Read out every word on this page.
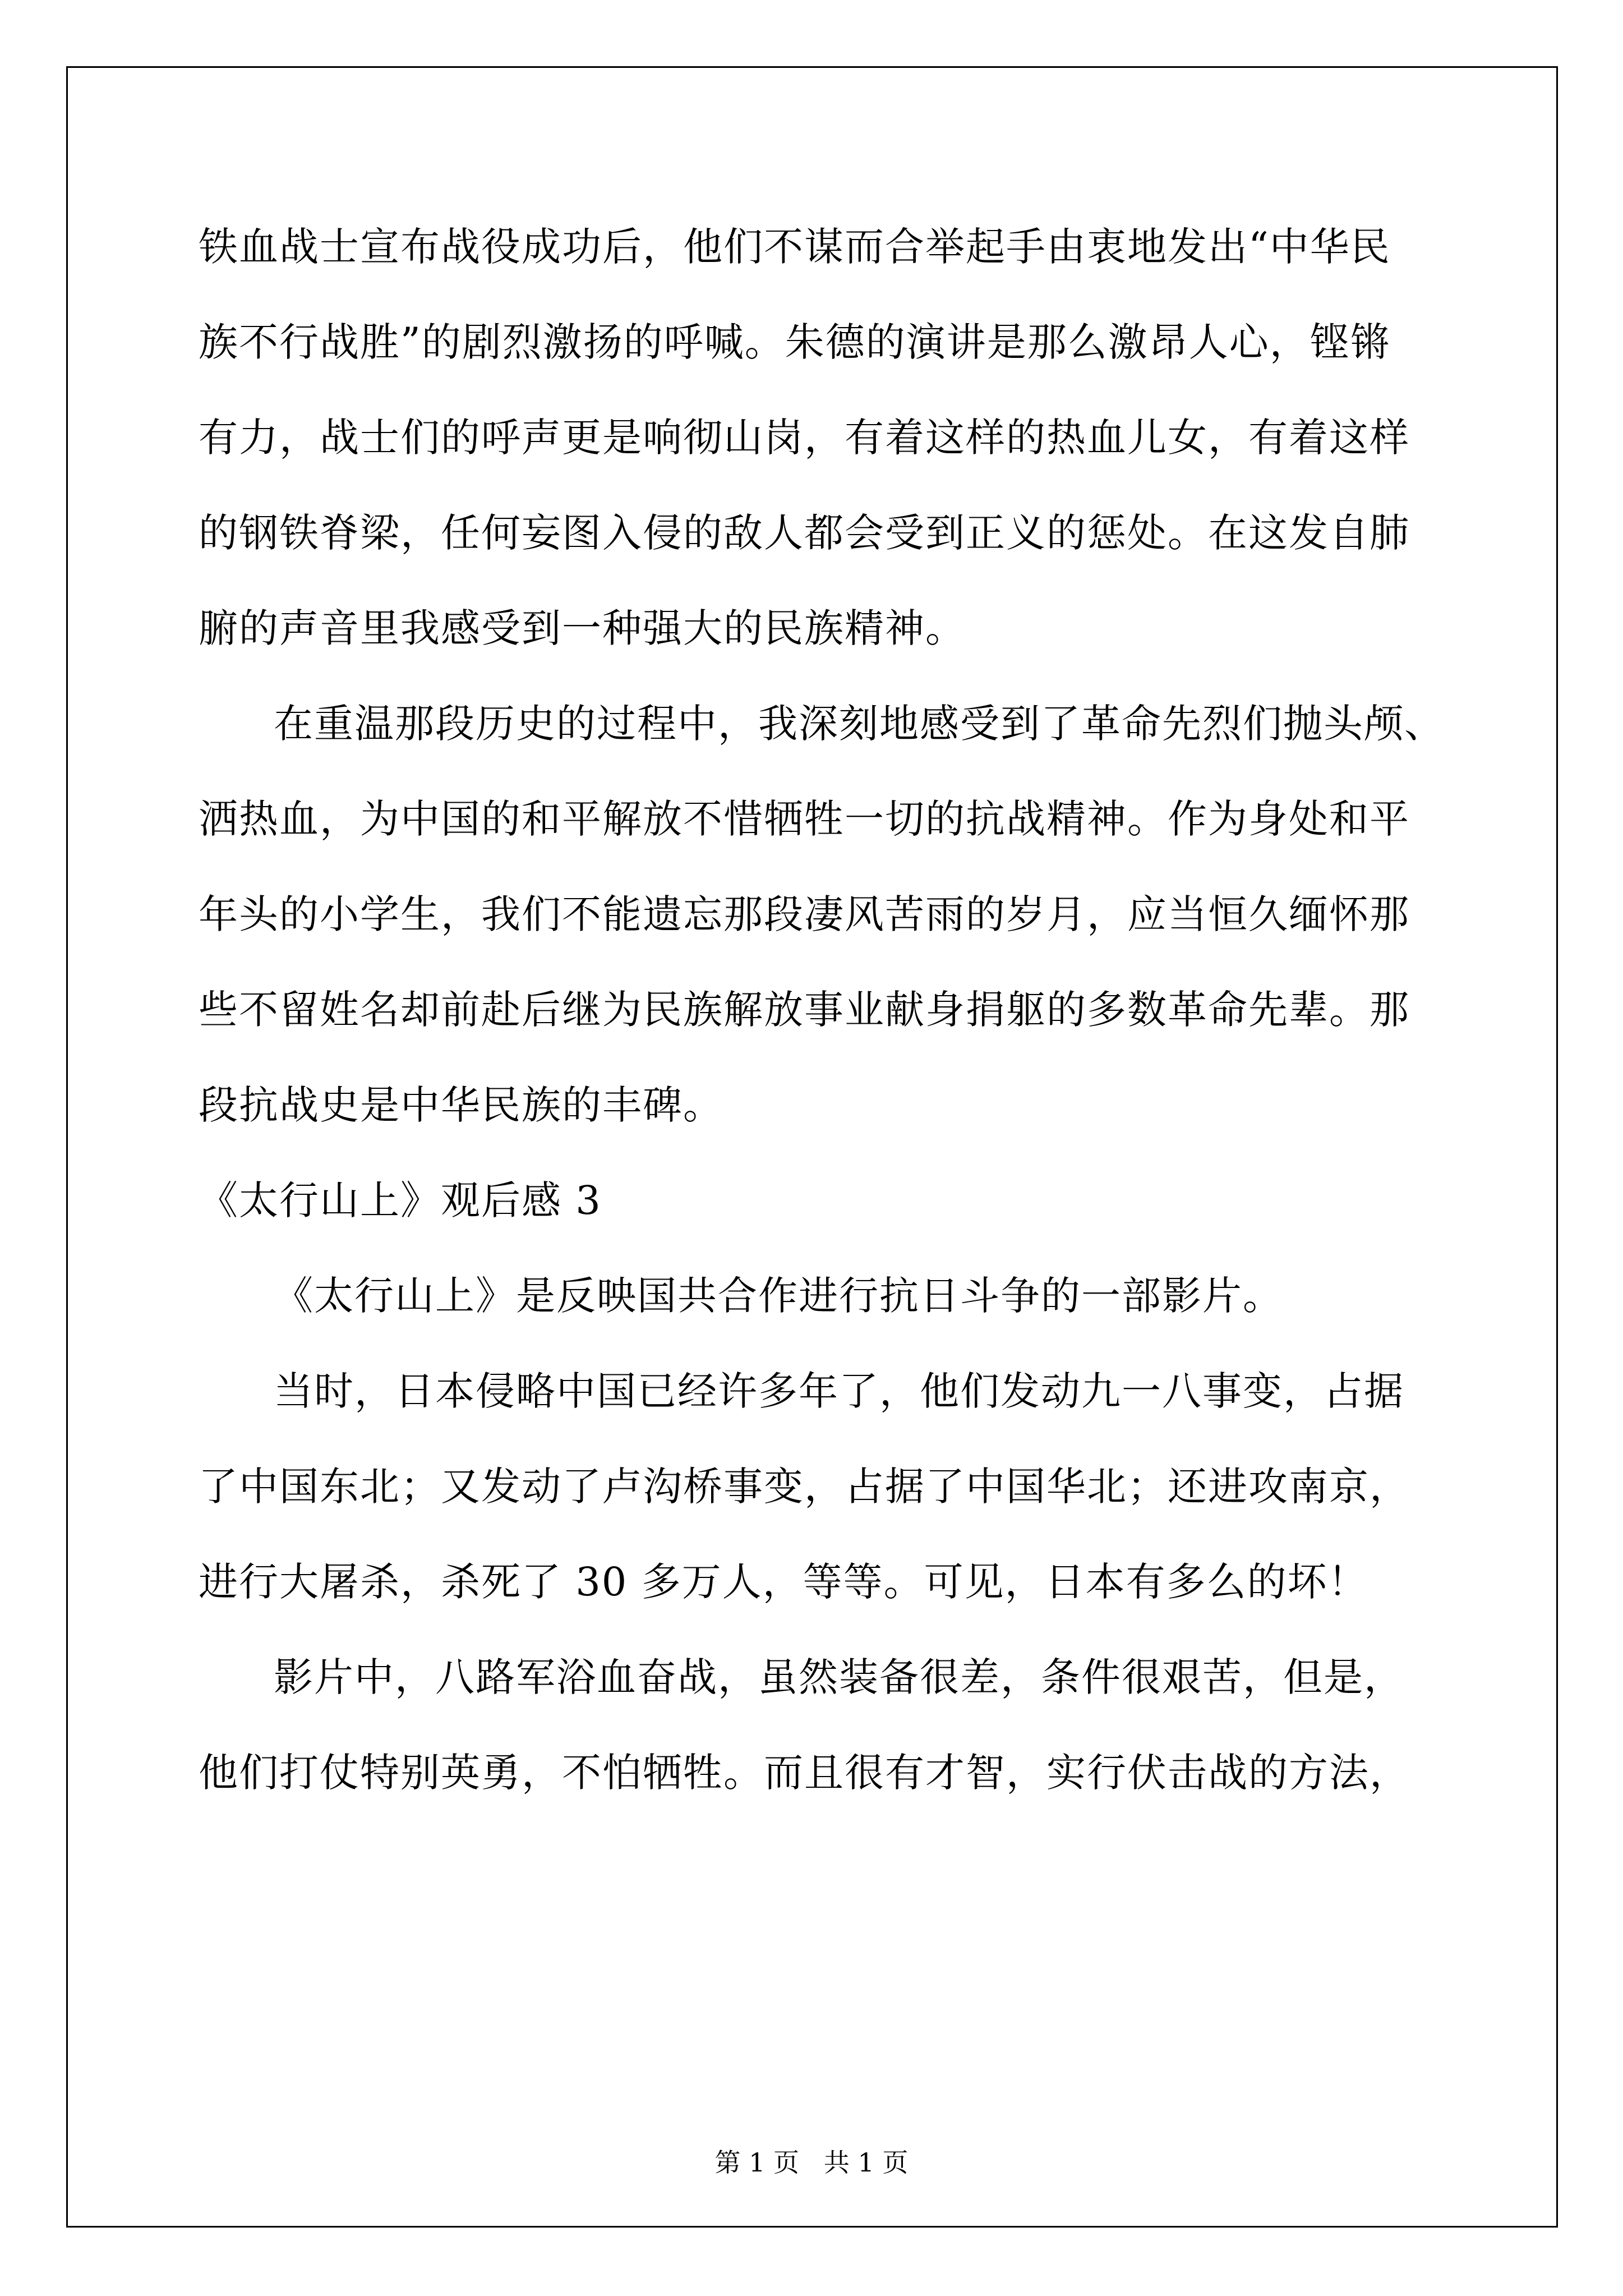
铁血战士宣布战役成功后，他们不谋而合举起手由衷地发出“中华民
族不行战胜”的剧烈激扬的呼喊。朱德的演讲是那么激昂人心，铿锵
有力，战士们的呼声更是响彻山岗，有着这样的热血儿女，有着这样
的钢铁脊梁，任何妄图入侵的敌人都会受到正义的惩处。在这发自肺
腑的声音里我感受到一种强大的民族精神。
在重温那段历史的过程中，我深刻地感受到了革命先烈们抛头颅、
洒热血，为中国的和平解放不惜牺牲一切的抗战精神。作为身处和平
年头的小学生，我们不能遗忘那段凄风苦雨的岁月，应当恒久缅怀那
些不留姓名却前赴后继为民族解放事业献身捐躯的多数革命先辈。那
段抗战史是中华民族的丰碑。
《太行山上》观后感 3
《太行山上》是反映国共合作进行抗日斗争的一部影片。
当时，日本侵略中国已经许多年了，他们发动九一八事变，占据
了中国东北；又发动了卢沟桥事变，占据了中国华北；还进攻南京，
进行大屠杀，杀死了 30 多万人，等等。可见，日本有多么的坏！
影片中，八路军浴血奋战，虽然装备很差，条件很艰苦，但是，
他们打仗特别英勇，不怕牺牲。而且很有才智，实行伏击战的方法，
第 1 页   共 1 页
